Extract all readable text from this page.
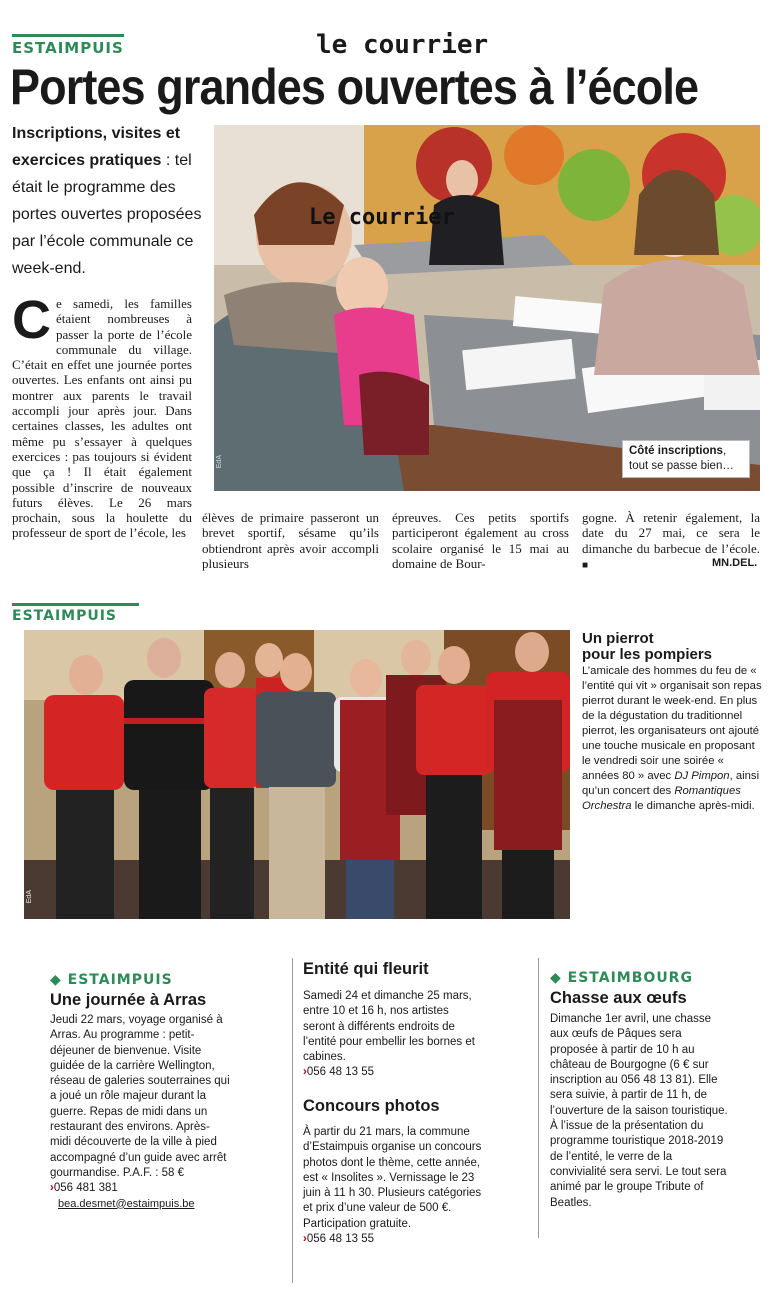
ESTAIMPUIS	le courrier
Portes grandes ouvertes à l’école
Inscriptions, visites et exercices pratiques : tel était le programme des portes ouvertes proposées par l’école communale ce week-end.
Le courrier
Côté inscriptions, tout se passe bien…
EdA
Ce samedi, les familles étaient nombreuses à passer la porte de l’école communale du village. C’était en effet une journée portes ouvertes. Les enfants ont ainsi pu montrer aux parents le travail accompli jour après jour. Dans certaines classes, les adultes ont même pu s’essayer à quelques exercices : pas toujours si évident que ça ! Il était également possible d’inscrire de nouveaux futurs élèves. Le 26 mars prochain, sous la houlette du professeur de sport de l’école, les
élèves de primaire passeront un brevet sportif, sésame qu’ils obtiendront après avoir accompli plusieurs
épreuves. Ces petits sportifs participeront également au cross scolaire organisé le 15 mai au domaine de Bour-
gogne. À retenir également, la date du 27 mai, ce sera le dimanche du barbecue de l’école. ■	MN.DEL.
ESTAIMPUIS
EdA
Un pierrot
pour les pompiers
L’amicale des hommes du feu de « l’entité qui vit » organisait son repas pierrot durant le week-end. En plus de la dégustation du traditionnel pierrot, les organisateurs ont ajouté une touche musicale en proposant le vendredi soir une soirée « années 80 » avec DJ Pimpon, ainsi qu’un concert des Romantiques Orchestra le dimanche après-midi.
◆ ESTAIMPUIS
Une journée à Arras
Jeudi 22 mars, voyage organisé à Arras. Au programme : petit-déjeuner de bienvenue. Visite guidée de la carrière Wellington, réseau de galeries souterraines qui a joué un rôle majeur durant la guerre. Repas de midi dans un restaurant des environs. Après-midi découverte de la ville à pied accompagné d’un guide avec arrêt gourmandise. P.A.F. : 58 €
›056 481 381
bea.desmet@estaimpuis.be
Entité qui fleurit
Samedi 24 et dimanche 25 mars, entre 10 et 16 h, nos artistes seront à différents endroits de l’entité pour embellir les bornes et cabines.
›056 48 13 55
Concours photos
À partir du 21 mars, la commune d’Estaimpuis organise un concours photos dont le thème, cette année, est « Insolites ». Vernissage le 23 juin à 11 h 30. Plusieurs catégories et prix d’une valeur de 500 €. Participation gratuite.
›056 48 13 55
◆ ESTAIMBOURG
Chasse aux œufs
Dimanche 1er avril, une chasse aux œufs de Pâques sera proposée à partir de 10 h au château de Bourgogne (6 € sur inscription au 056 48 13 81). Elle sera suivie, à partir de 11 h, de l’ouverture de la saison touristique. À l’issue de la présentation du programme touristique 2018-2019 de l’entité, le verre de la convivialité sera servi. Le tout sera animé par le groupe Tribute of Beatles.
